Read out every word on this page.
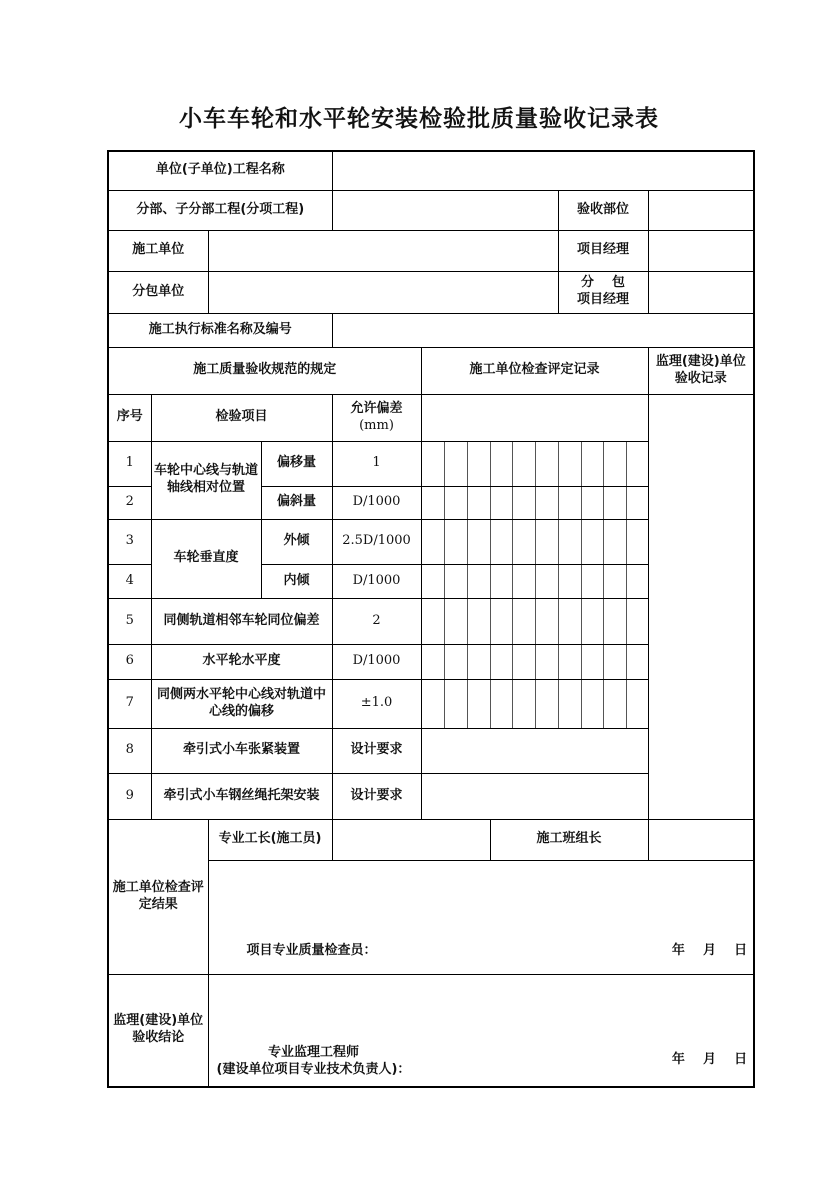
小车车轮和水平轮安装检验批质量验收记录表
单位(子单位)工程名称															
分部、子分部工程(分项工程)											验收部位				
施工单位											项目经理				
分包单位											分    包
项目经理				

施工执行标准名称及编号															
施工质量验收规范的规定					施工单位检查评定记录										监理(建设)单位
验收记录

序号	检验项目			允许偏差
(mm)											

1	车轮中心线与轨道轴线相对位置		偏移量	1											
2			偏斜量	D/1000											
3	车轮垂直度		外倾	2.5D/1000											
4			内倾	D/1000											
5	同侧轨道相邻车轮同位偏差			2											
6	水平轮水平度			D/1000											
7	同侧两水平轮中心线对轨道中心线的偏移			±1.0											
8	牵引式小车张紧装置			设计要求											
9	牵引式小车钢丝绳托架安装			设计要求											
施工单位检查评定结果		专业工长(施工员)						施工班组长							

		项目专业质量检查员： 年    月    日													

监理(建设)单位验收结论		专业监理工程师
(建设单位项目专业技术负责人)：
年    月    日													
